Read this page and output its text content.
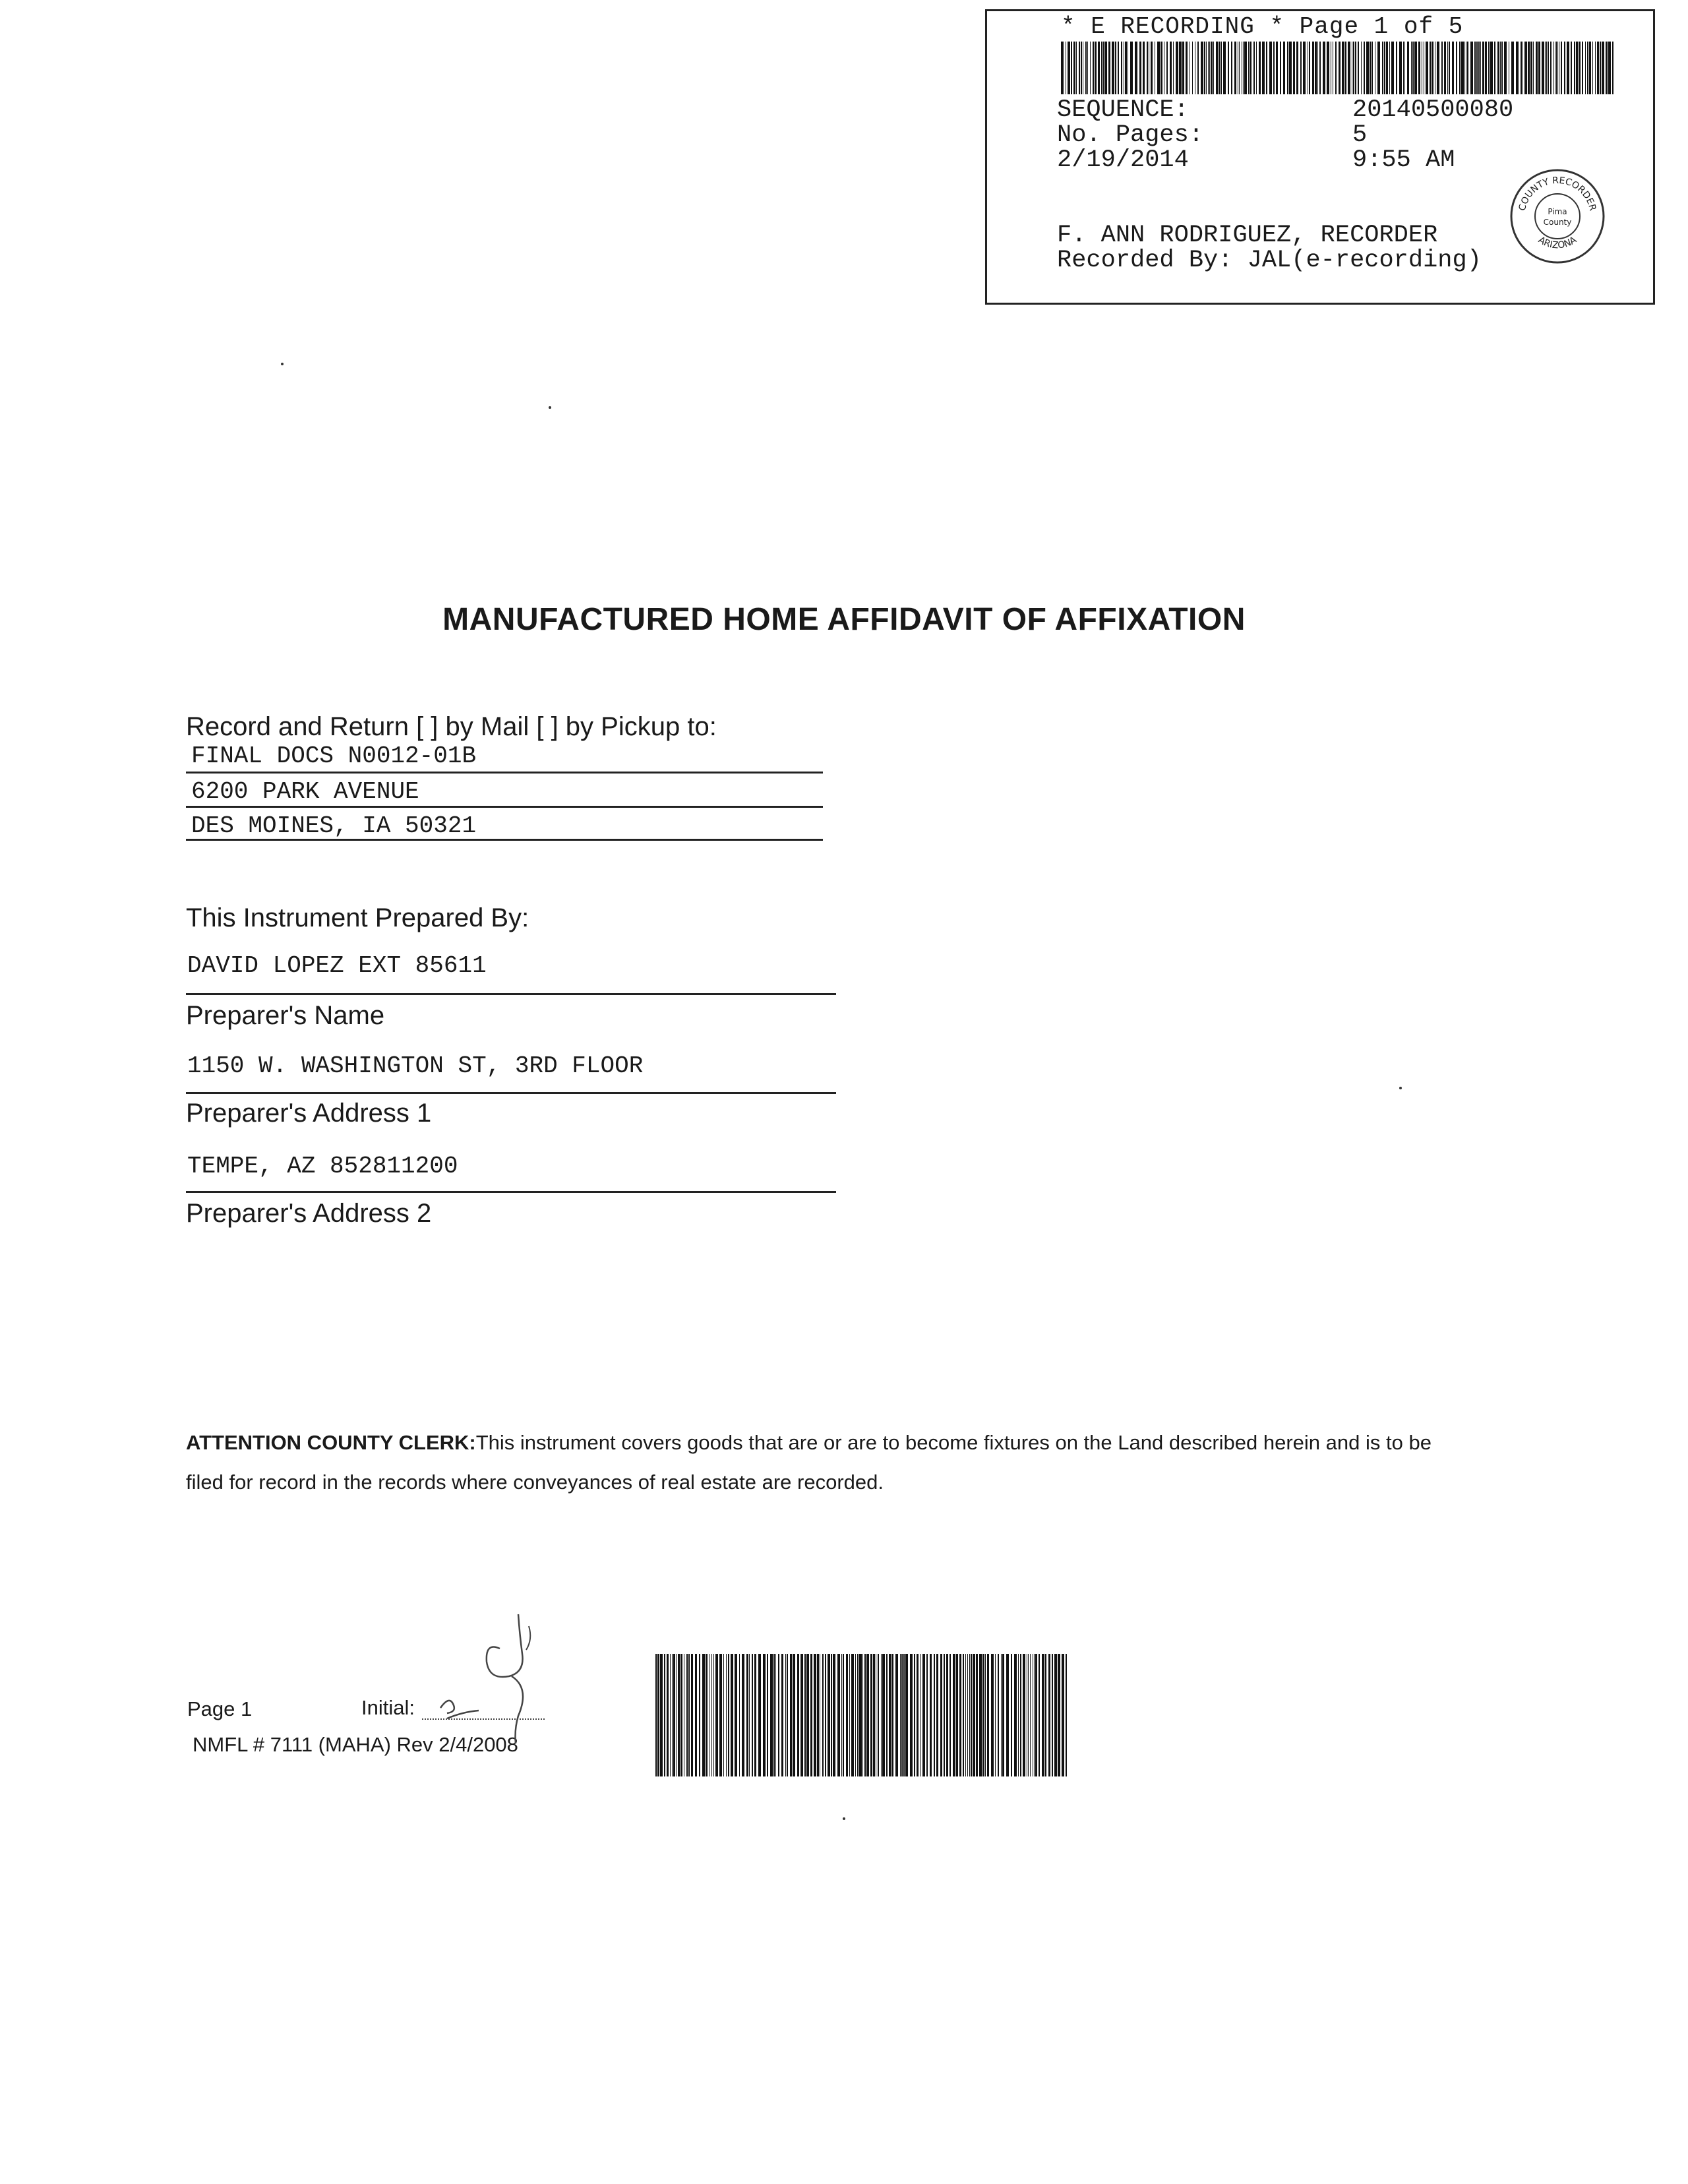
* E RECORDING * Page 1 of 5
SEQUENCE:	20140500080
No. Pages:	5
2/19/2014	9:55 AM
F. ANN RODRIGUEZ, RECORDER
Recorded By: JAL(e-recording)
COUNTY RECORDER
ARIZONA
Pima
County
MANUFACTURED HOME AFFIDAVIT OF AFFIXATION
Record and Return [ ] by Mail [ ] by Pickup to:
FINAL DOCS N0012-01B
6200 PARK AVENUE
DES MOINES, IA 50321
This Instrument Prepared By:
DAVID LOPEZ EXT 85611
Preparer's Name
1150 W. WASHINGTON ST, 3RD FLOOR
Preparer's Address 1
TEMPE, AZ 852811200
Preparer's Address 2
ATTENTION COUNTY CLERK:This instrument covers goods that are or are to become fixtures on the Land described herein and is to be filed for record in the records where conveyances of real estate are recorded.
Page 1	Initial:
NMFL # 7111 (MAHA) Rev 2/4/2008
